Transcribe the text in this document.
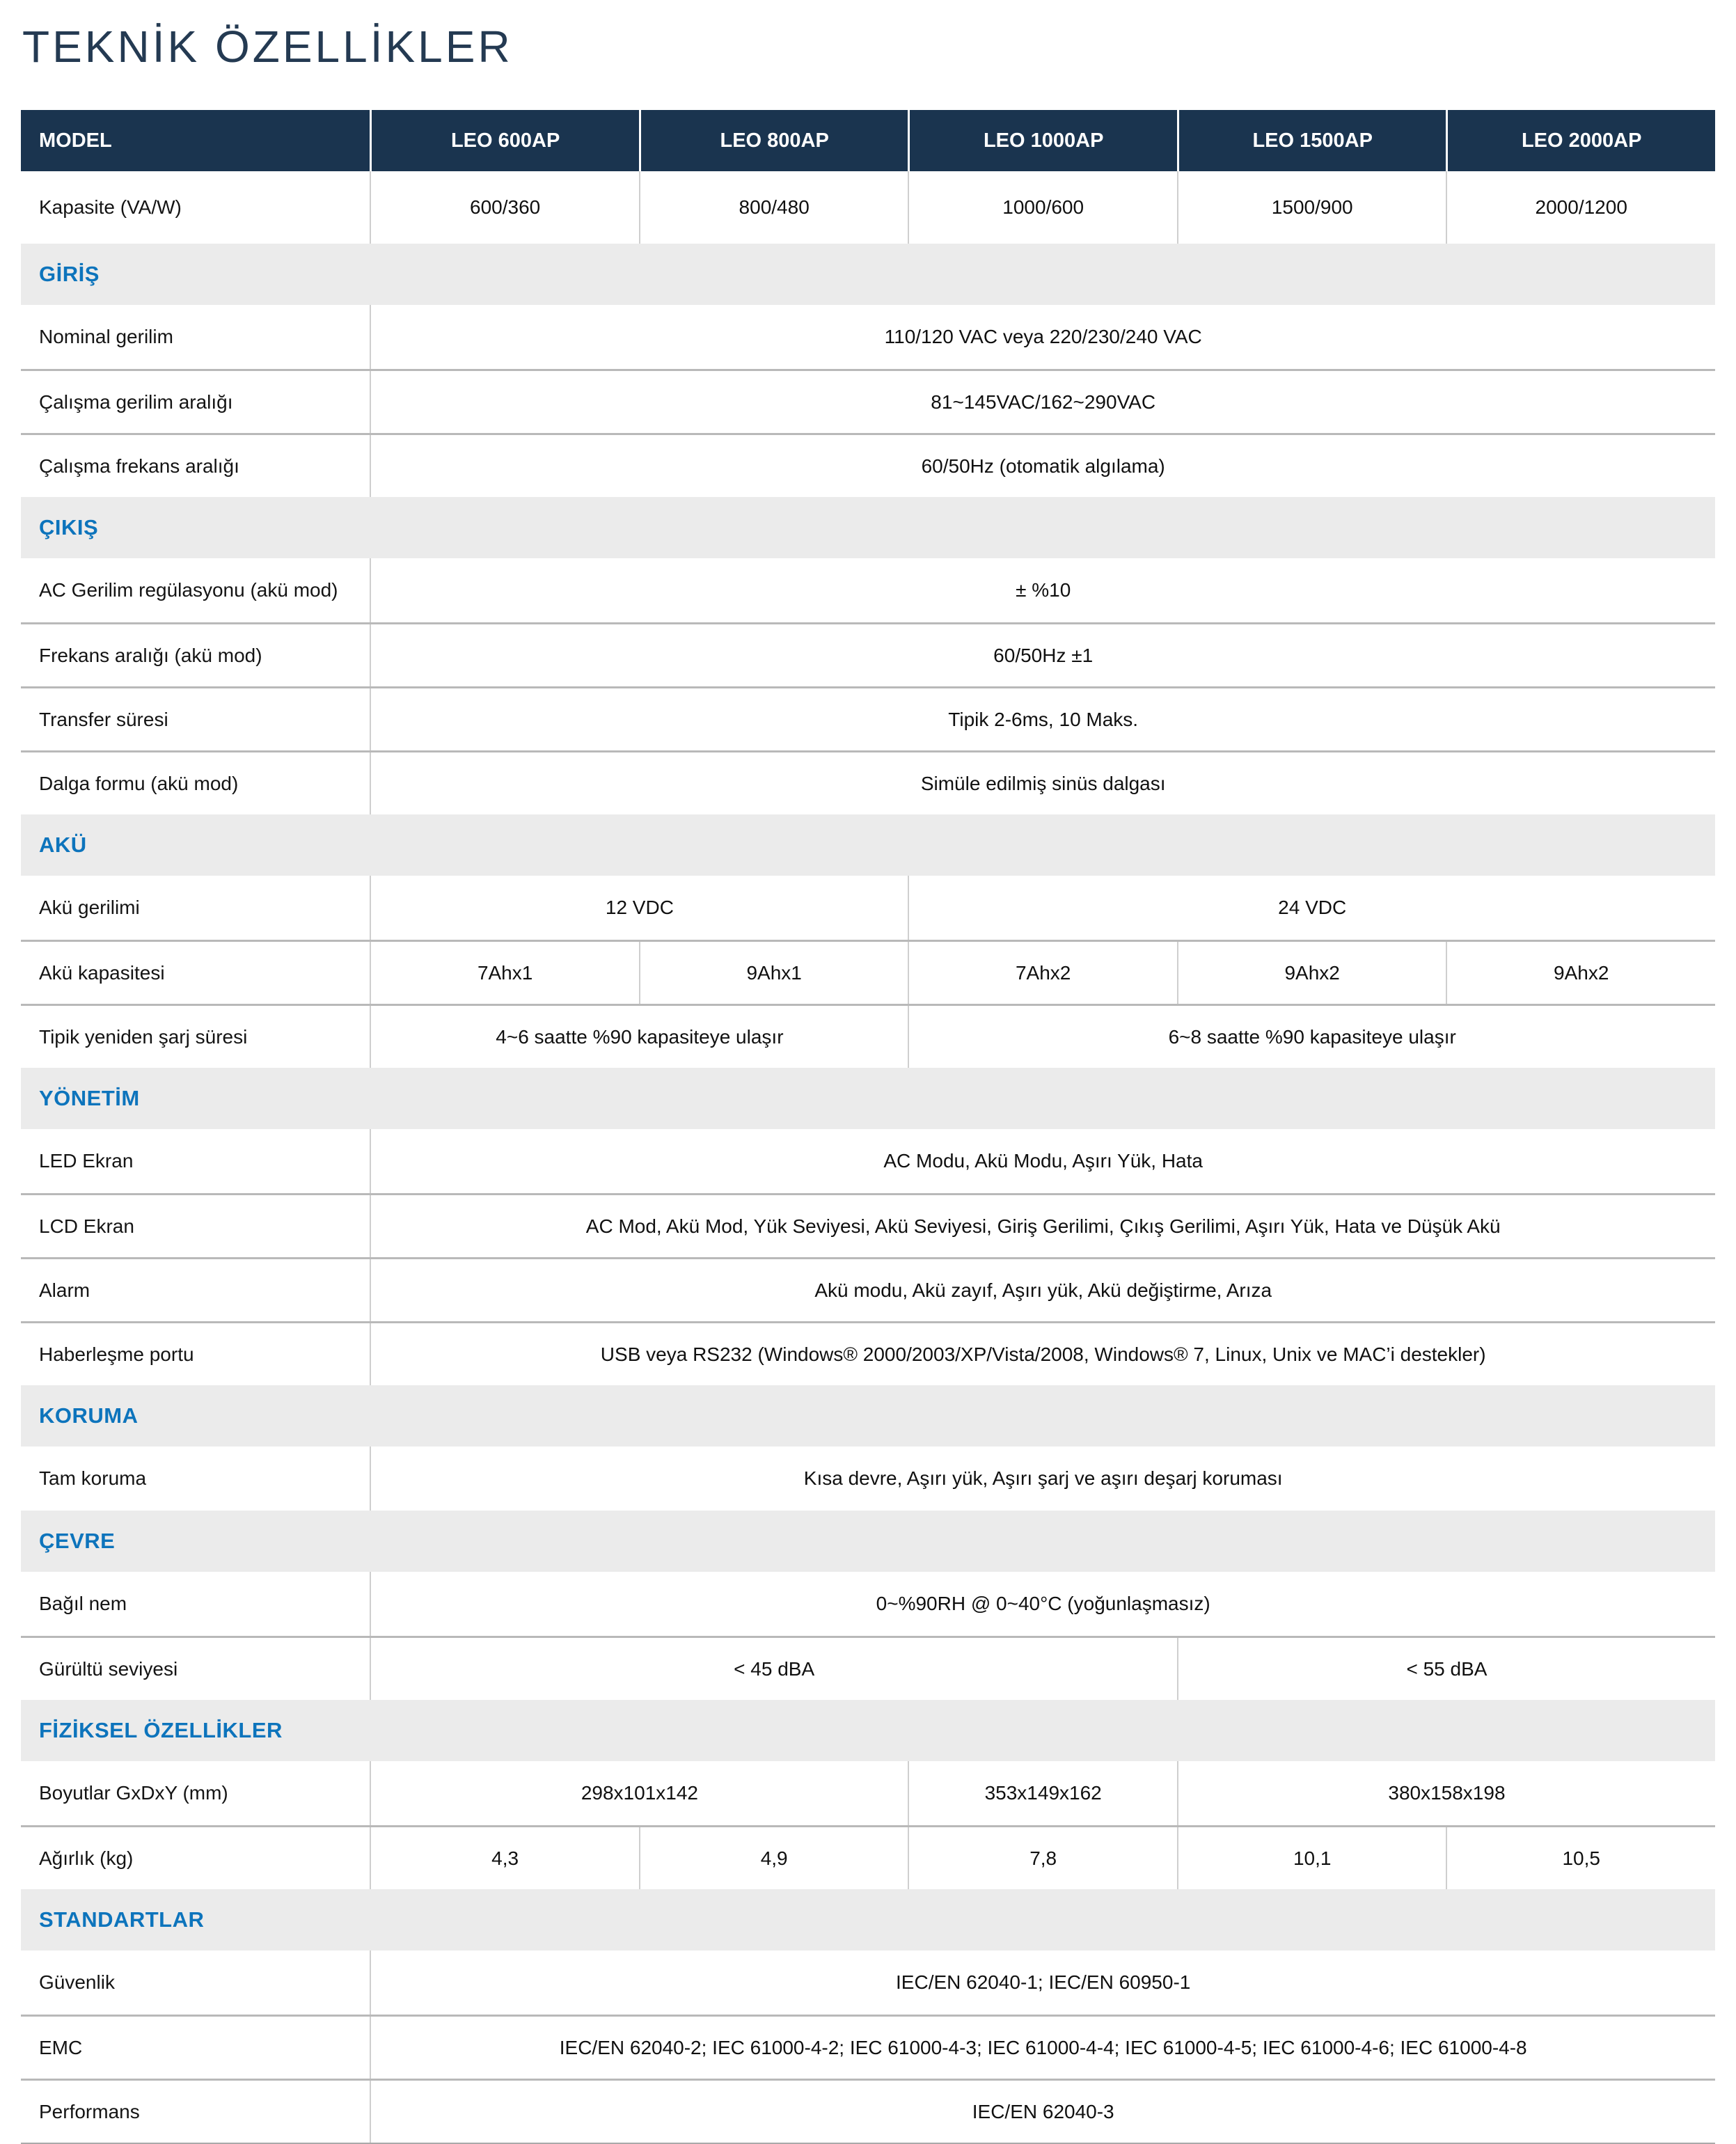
TEKNİK ÖZELLİKLER
MODEL	LEO 600AP	LEO 800AP	LEO 1000AP	LEO 1500AP	LEO 2000AP
Kapasite (VA/W)	600/360	800/480	1000/600	1500/900	2000/1200
GİRİŞ
Nominal gerilim	110/120 VAC veya 220/230/240 VAC
Çalışma gerilim aralığı	81~145VAC/162~290VAC
Çalışma frekans aralığı	60/50Hz (otomatik algılama)
ÇIKIŞ
AC Gerilim regülasyonu (akü mod)	± %10
Frekans aralığı (akü mod)	60/50Hz ±1
Transfer süresi	Tipik 2-6ms, 10 Maks.
Dalga formu (akü mod)	Simüle edilmiş sinüs dalgası
AKÜ
Akü gerilimi	12 VDC	24 VDC
Akü kapasitesi	7Ahx1	9Ahx1	7Ahx2	9Ahx2	9Ahx2
Tipik yeniden şarj süresi	4~6 saatte %90 kapasiteye ulaşır	6~8 saatte %90 kapasiteye ulaşır
YÖNETİM
LED Ekran	AC Modu, Akü Modu, Aşırı Yük, Hata
LCD Ekran	AC Mod, Akü Mod, Yük Seviyesi, Akü Seviyesi, Giriş Gerilimi, Çıkış Gerilimi, Aşırı Yük, Hata ve Düşük Akü
Alarm	Akü modu, Akü zayıf, Aşırı yük, Akü değiştirme, Arıza
Haberleşme portu	USB veya RS232 (Windows® 2000/2003/XP/Vista/2008, Windows® 7, Linux, Unix ve MAC’i destekler)
KORUMA
Tam koruma	Kısa devre, Aşırı yük, Aşırı şarj ve aşırı deşarj koruması
ÇEVRE
Bağıl nem	0~%90RH @ 0~40°C (yoğunlaşmasız)
Gürültü seviyesi	< 45 dBA	< 55 dBA
FİZİKSEL ÖZELLİKLER
Boyutlar GxDxY (mm)	298x101x142	353x149x162	380x158x198
Ağırlık (kg)	4,3	4,9	7,8	10,1	10,5
STANDARTLAR
Güvenlik	IEC/EN 62040-1; IEC/EN 60950-1
EMC	IEC/EN 62040-2; IEC 61000-4-2; IEC 61000-4-3; IEC 61000-4-4; IEC 61000-4-5; IEC 61000-4-6; IEC 61000-4-8
Performans	IEC/EN 62040-3
